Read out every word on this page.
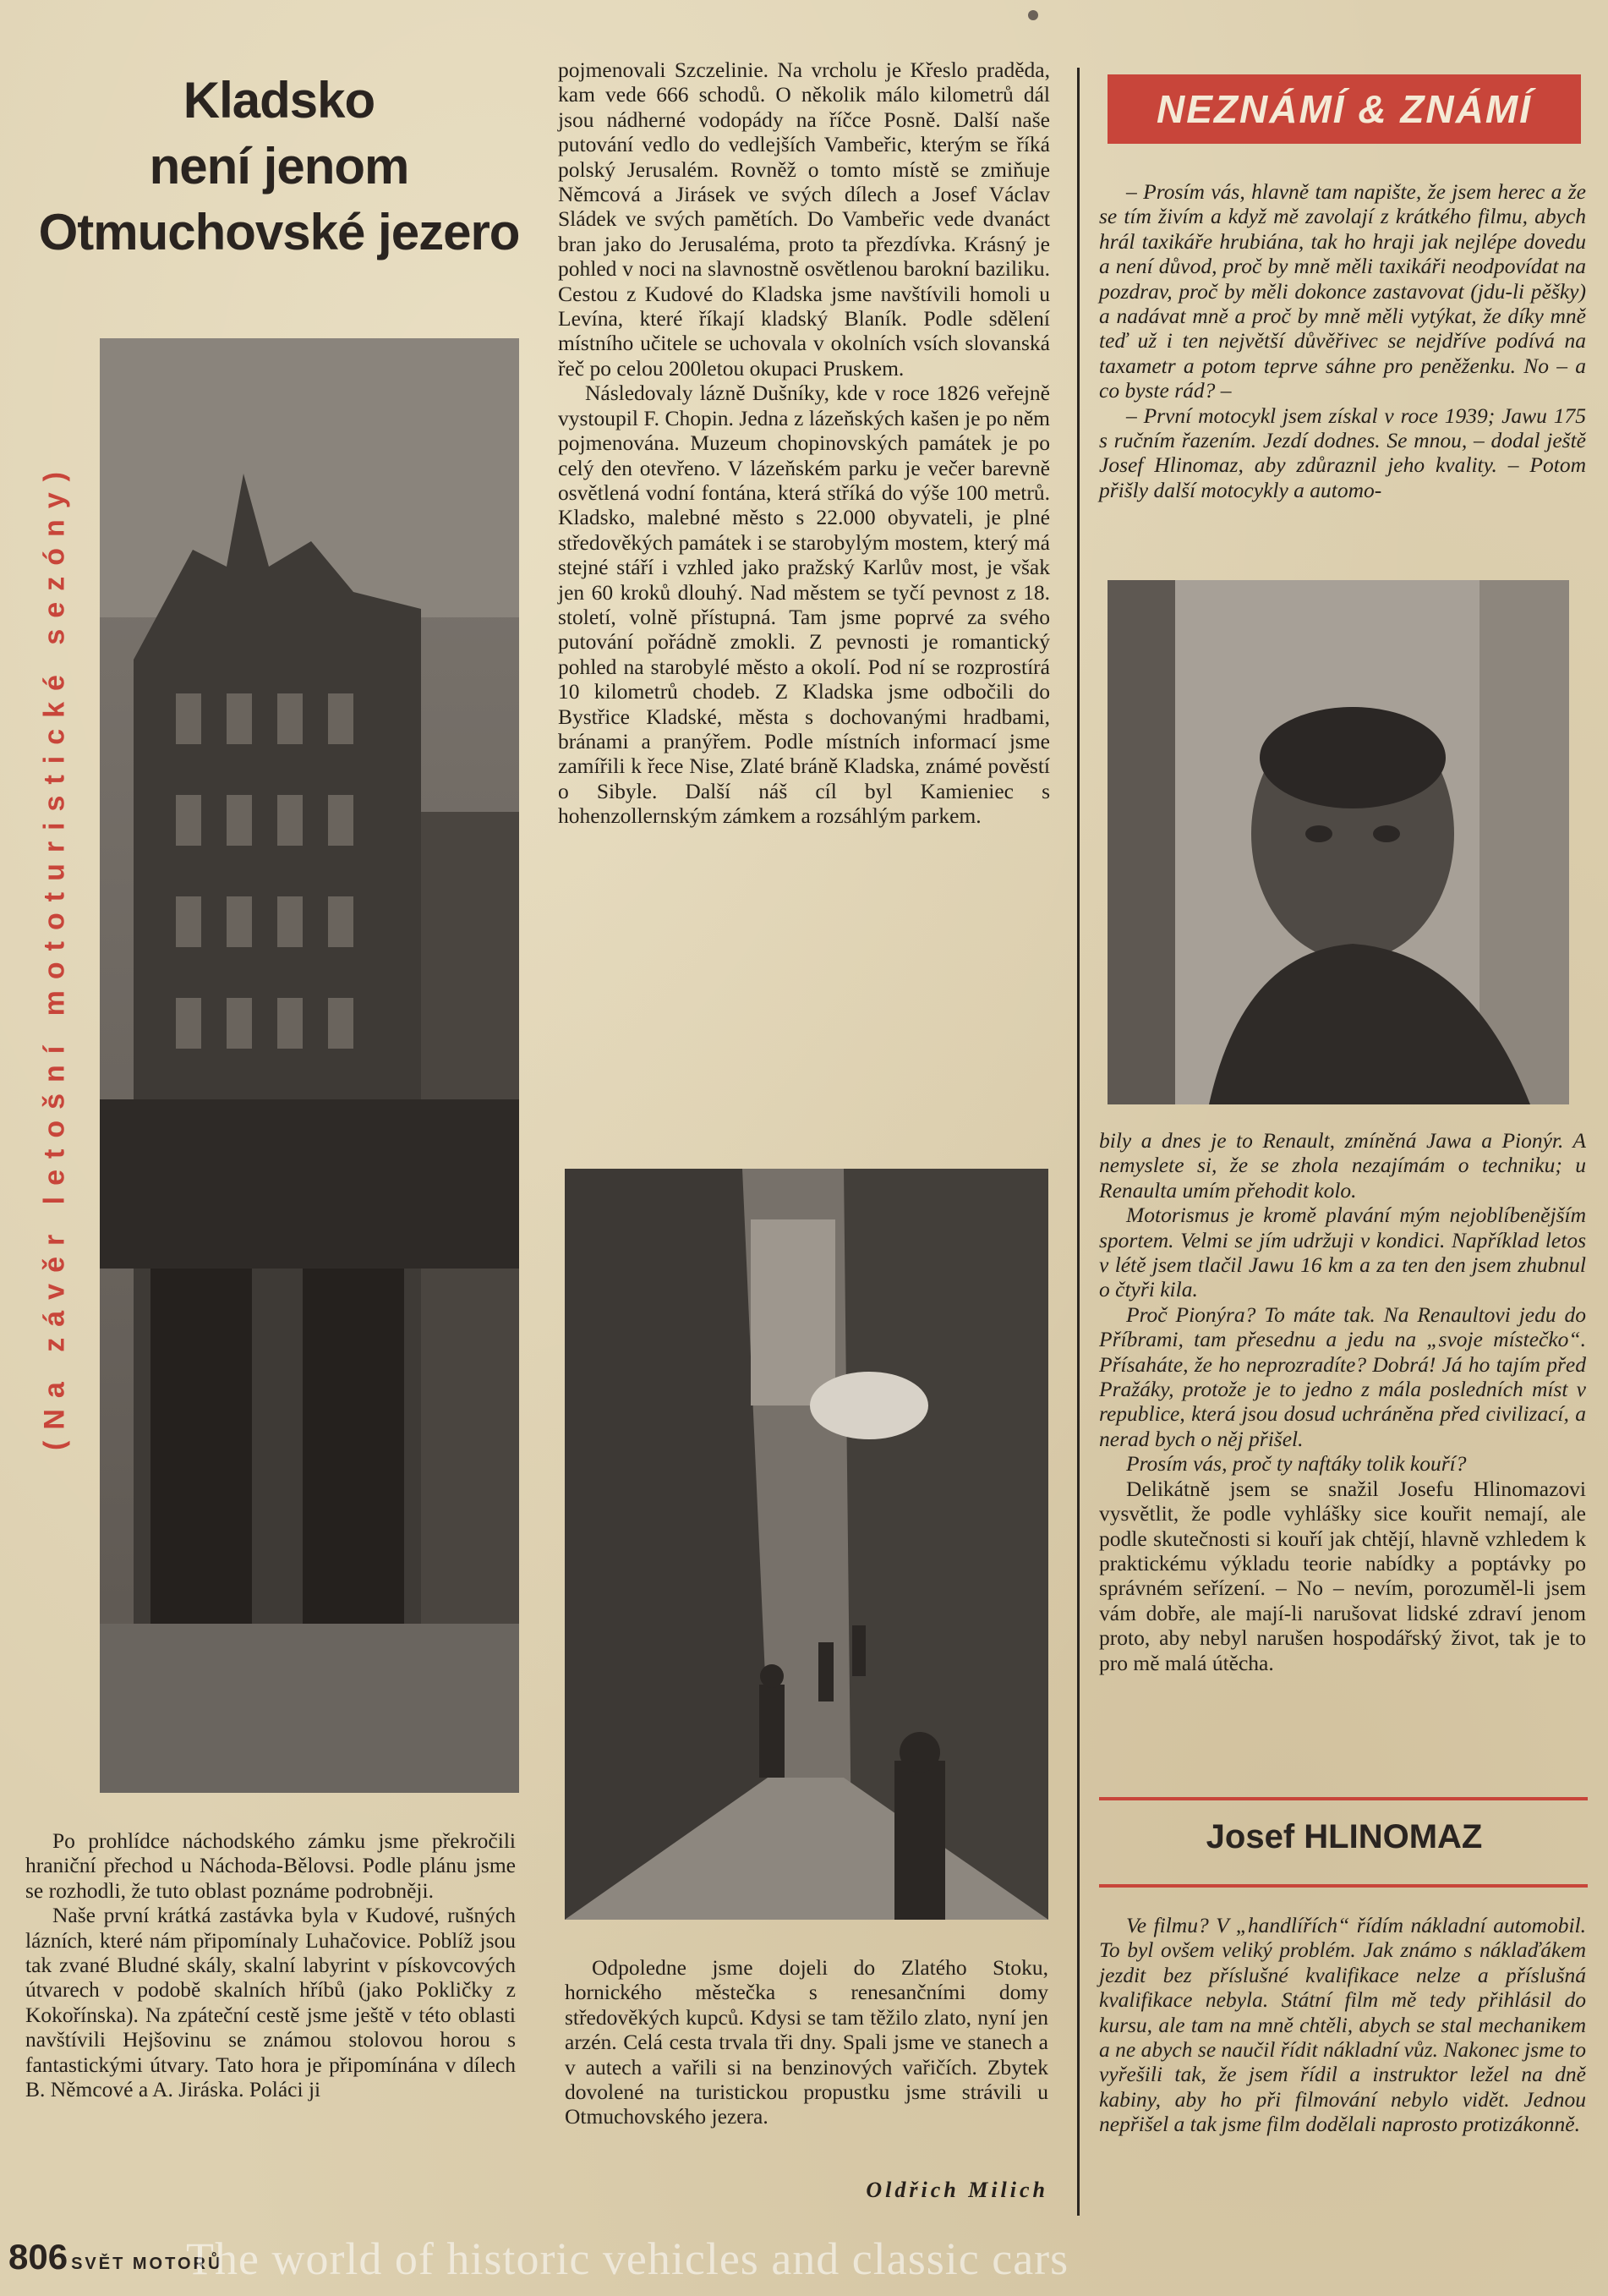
Kladsko
není jenom
Otmuchovské jezero
(Na závěr letošní mototuristické sezóny)

Po prohlídce náchodského zámku jsme překročili hraniční přechod u Náchoda-Bělovsi. Podle plánu jsme se rozhodli, že tuto oblast poznáme podrobněji.

Naše první krátká zastávka byla v Kudové, rušných lázních, které nám připomínaly Luhačovice. Poblíž jsou tak zvané Bludné skály, skalní labyrint v pískovcových útvarech v podobě skalních hříbů (jako Pokličky z Kokořínska). Na zpáteční cestě jsme ještě v této oblasti navštívili Hejšovinu se známou stolovou horou s fantastickými útvary. Tato hora je připomínána v dílech B. Němcové a A. Jiráska. Poláci ji

pojmenovali Szczelinie. Na vrcholu je Křeslo praděda, kam vede 666 schodů. O několik málo kilometrů dál jsou nádherné vodopády na říčce Posně. Další naše putování vedlo do vedlejších Vambeřic, kterým se říká polský Jerusalém. Rovněž o tomto místě se zmiňuje Němcová a Jirásek ve svých dílech a Josef Václav Sládek ve svých pamětích. Do Vambeřic vede dvanáct bran jako do Jerusaléma, proto ta přezdívka. Krásný je pohled v noci na slavnostně osvětlenou barokní baziliku. Cestou z Kudové do Kladska jsme navštívili homoli u Levína, které říkají kladský Blaník. Podle sdělení místního učitele se uchovala v okolních vsích slovanská řeč po celou 200letou okupaci Pruskem.

Následovaly lázně Dušníky, kde v roce 1826 veřejně vystoupil F. Chopin. Jedna z lázeňských kašen je po něm pojmenována. Muzeum chopinovských památek je po celý den otevřeno. V lázeňském parku je večer barevně osvětlená vodní fontána, která stříká do výše 100 metrů. Kladsko, malebné město s 22.000 obyvateli, je plné středověkých památek i se starobylým mostem, který má stejné stáří i vzhled jako pražský Karlův most, je však jen 60 kroků dlouhý. Nad městem se tyčí pevnost z 18. století, volně přístupná. Tam jsme poprvé za svého putování pořádně zmokli. Z pevnosti je romantický pohled na starobylé město a okolí. Pod ní se rozprostírá 10 kilometrů chodeb. Z Kladska jsme odbočili do Bystřice Kladské, města s dochovanými hradbami, bránami a pranýřem. Podle místních informací jsme zamířili k řece Nise, Zlaté bráně Kladska, známé pověstí o Sibyle. Další náš cíl byl Kamieniec s hohenzollernským zámkem a rozsáhlým parkem.

Odpoledne jsme dojeli do Zlatého Stoku, hornického městečka s renesančními domy středověkých kupců. Kdysi se tam těžilo zlato, nyní jen arzén. Celá cesta trvala tři dny. Spali jsme ve stanech a v autech a vařili si na benzinových vařičích. Zbytek dovolené na turistickou propustku jsme strávili u Otmuchovského jezera.

Oldřich Milich
NEZNÁMÍ & ZNÁMÍ

– Prosím vás, hlavně tam napište, že jsem herec a že se tím živím a když mě zavolají z krátkého filmu, abych hrál taxikáře hrubiána, tak ho hraji jak nejlépe dovedu a není důvod, proč by mně měli taxikáři neodpovídat na pozdrav, proč by měli dokonce zastavovat (jdu-li pěšky) a nadávat mně a proč by mně měli vytýkat, že díky mně teď už i ten největší důvěřivec se nejdříve podívá na taxametr a potom teprve sáhne pro peněženku. No – a co byste rád? –

– První motocykl jsem získal v roce 1939; Jawu 175 s ručním řazením. Jezdí dodnes. Se mnou, – dodal ještě Josef Hlinomaz, aby zdůraznil jeho kvality. – Potom přišly další motocykly a automo-

bily a dnes je to Renault, zmíněná Jawa a Pionýr. A nemyslete si, že se zhola nezajímám o techniku; u Renaulta umím přehodit kolo.

Motorismus je kromě plavání mým nejoblíbenějším sportem. Velmi se jím udržuji v kondici. Například letos v létě jsem tlačil Jawu 16 km a za ten den jsem zhubnul o čtyři kila.

Proč Pionýra? To máte tak. Na Renaultovi jedu do Příbrami, tam přesednu a jedu na „svoje místečko“. Přísaháte, že ho neprozradíte? Dobrá! Já ho tajím před Pražáky, protože je to jedno z mála posledních míst v republice, která jsou dosud uchráněna před civilizací, a nerad bych o něj přišel.

Prosím vás, proč ty naftáky tolik kouří?

Delikátně jsem se snažil Josefu Hlinomazovi vysvětlit, že podle vyhlášky sice kouřit nemají, ale podle skutečnosti si kouří jak chtějí, hlavně vzhledem k praktickému výkladu teorie nabídky a poptávky po správném seřízení. – No – nevím, porozuměl-li jsem vám dobře, ale mají-li narušovat lidské zdraví jenom proto, aby nebyl narušen hospodářský život, tak je to pro mě malá útěcha.

Josef HLINOMAZ

Ve filmu? V „handlířích“ řídím nákladní automobil. To byl ovšem veliký problém. Jak známo s náklaďákem jezdit bez příslušné kvalifikace nelze a příslušná kvalifikace nebyla. Státní film mě tedy přihlásil do kursu, ale tam na mně chtěli, abych se stal mechanikem a ne abych se naučil řídit nákladní vůz. Nakonec jsme to vyřešili tak, že jsem řídil a instruktor ležel na dně kabiny, aby ho při filmování nebylo vidět. Jednou nepřišel a tak jsme film dodělali naprosto protizákonně.

806 SVĚT MOTORŮ
The world of historic vehicles and classic cars
